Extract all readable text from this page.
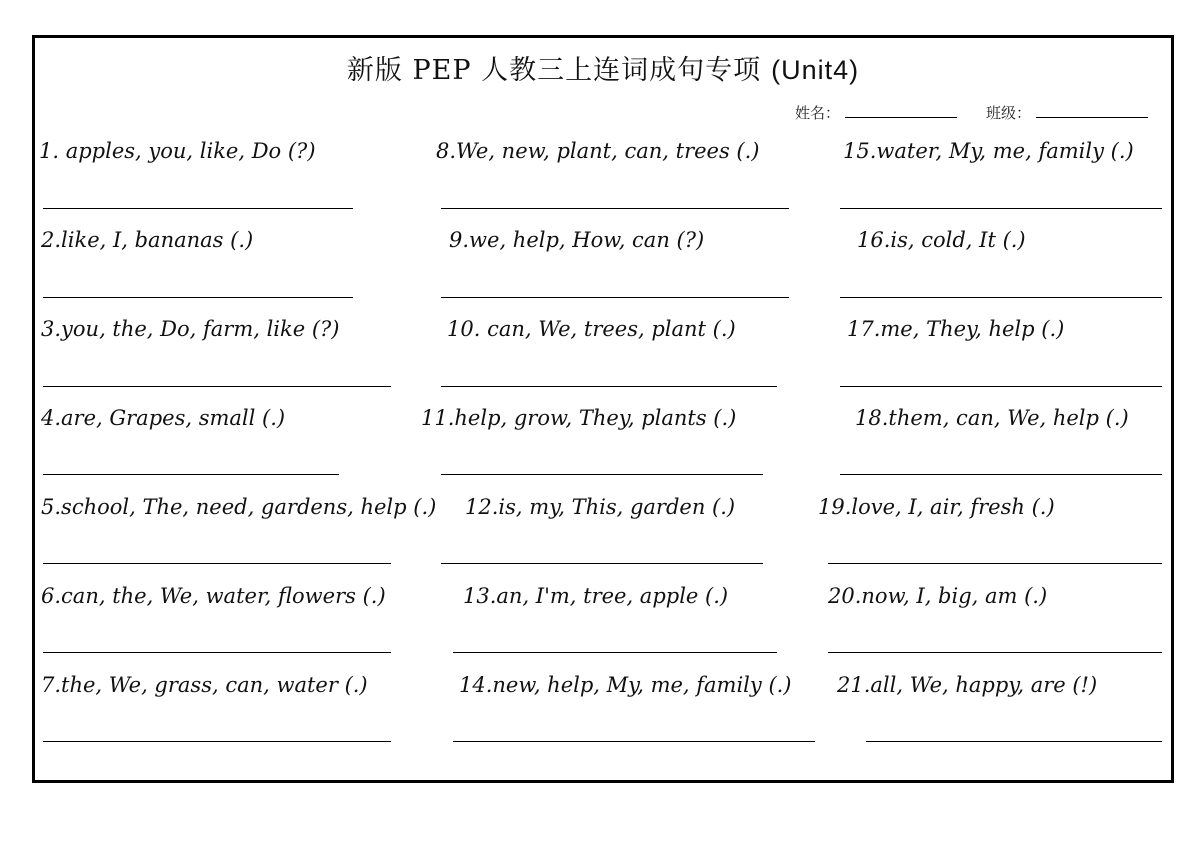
新版 PEP 人教三上连词成句专项 (Unit4)
姓名：	班级：
1. apples, you, like, Do (?)
2.like, I, bananas (.)
3.you, the, Do, farm, like (?)
4.are, Grapes, small (.)
5.school, The, need, gardens, help (.)
6.can, the, We, water, flowers (.)
7.the, We, grass, can, water (.)
8.We, new, plant, can, trees (.)
9.we, help, How, can (?)
10. can, We, trees, plant (.)
11.help, grow, They, plants (.)
12.is, my, This, garden (.)
13.an, I'm, tree, apple (.)
14.new, help, My, me, family (.)
15.water, My, me, family (.)
16.is, cold, It (.)
17.me, They, help (.)
18.them, can, We, help (.)
19.love, I, air, fresh (.)
20.now, I, big, am (.)
21.all, We, happy, are (!)
